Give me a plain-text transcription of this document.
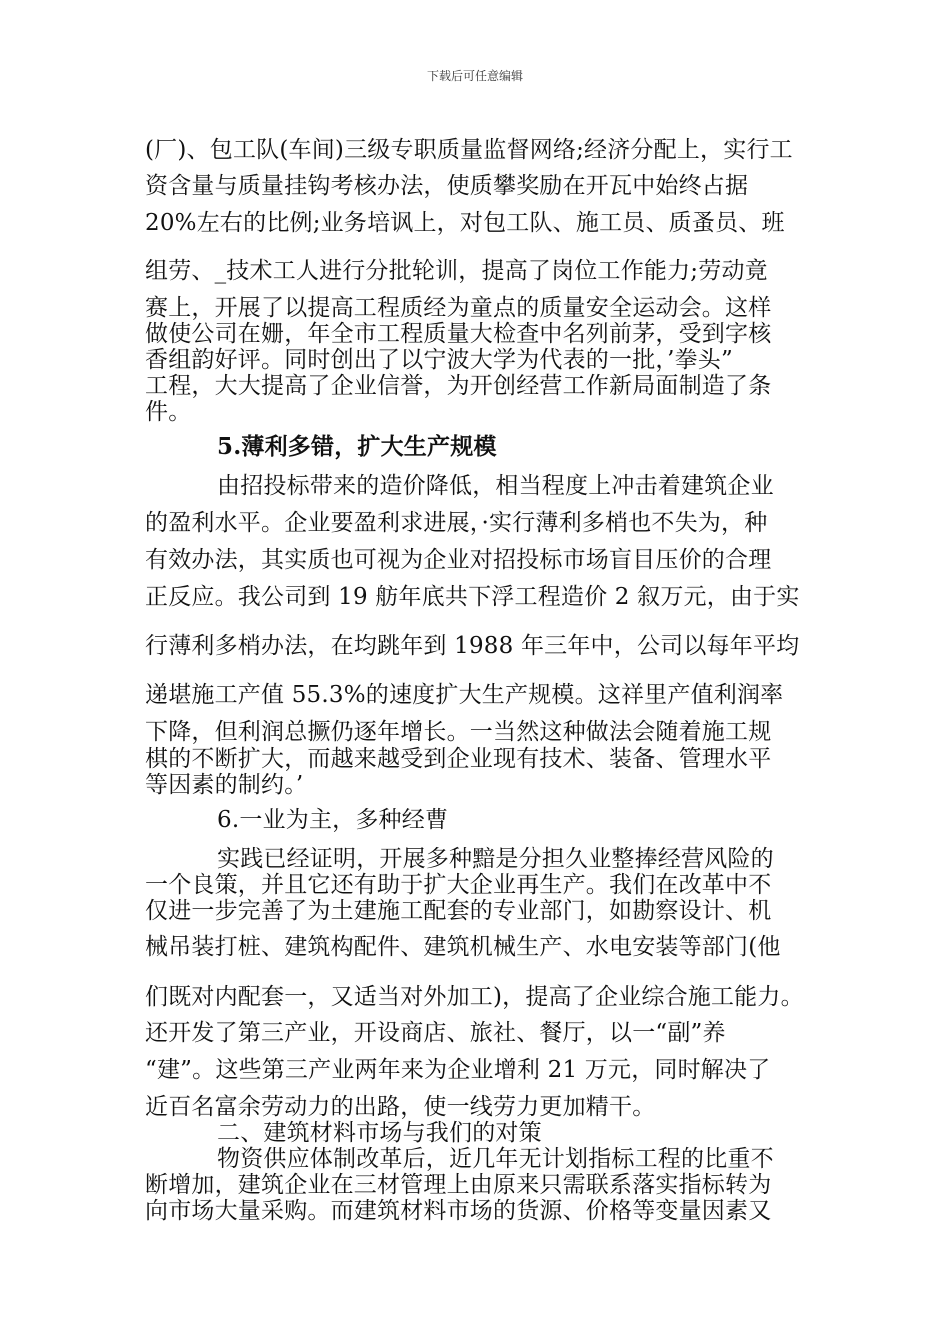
下载后可任意编辑
(厂)、包工队(车间)三级专职质量监督网络;经济分配上，实行工
资含量与质量挂钩考核办法，使质攀奖励在开瓦中始终占据
20%左右的比例;业务培讽上，对包工队、施工员、质蚤员、班
组劳、_技术工人进行分批轮训，提高了岗位工作能力;劳动竟
赛上，开展了以提高工程质经为童点的质量安全运动会。这样
做使公司在姗，年全市工程质量大检查中名列前茅，受到字核
香组韵好评。同时创出了以宁波大学为代表的一批，’拳头”
工程，大大提高了企业信誉，为开创经营工作新局面制造了条
件。
5.薄利多错，扩大生产规模
由招投标带来的造价降低，相当程度上冲击着建筑企业
的盈利水平。企业要盈利求进展，·实行薄利多梢也不失为，种
有效办法，其实质也可视为企业对招投标市场盲目压价的合理
正反应。我公司到 19 舫年底共下浮工程造价 2 叙万元，由于实
行薄利多梢办法，在均跳年到 1988 年三年中，公司以每年平均
递堪施工产值 55.3%的速度扩大生产规模。这祥里产值利润率
下降，但利润总撅仍逐年增长。一当然这种做法会随着施工规
棋的不断扩大，而越来越受到企业现有技术、装备、管理水平
等因素的制约。’
6.一业为主，多种经曹
实践已经证明，开展多种黯是分担久业整捧经营风险的
一个良策，并且它还有助于扩大企业再生产。我们在改革中不
仅进一步完善了为土建施工配套的专业部门，如勘察设计、机
械吊装打桩、建筑构配件、建筑机械生产、水电安装等部门(他
们既对内配套一，又适当对外加工)，提高了企业综合施工能力。
还开发了第三产业，开设商店、旅社、餐厅，以一“副”养
“建”。这些第三产业两年来为企业增利 21 万元，同时解决了
近百名富余劳动力的出路，使一线劳力更加精干。
二、建筑材料市场与我们的对策
物资供应体制改革后，近几年无计划指标工程的比重不
断增加，建筑企业在三材管理上由原来只需联系落实指标转为
向市场大量采购。而建筑材料市场的货源、价格等变量因素又
